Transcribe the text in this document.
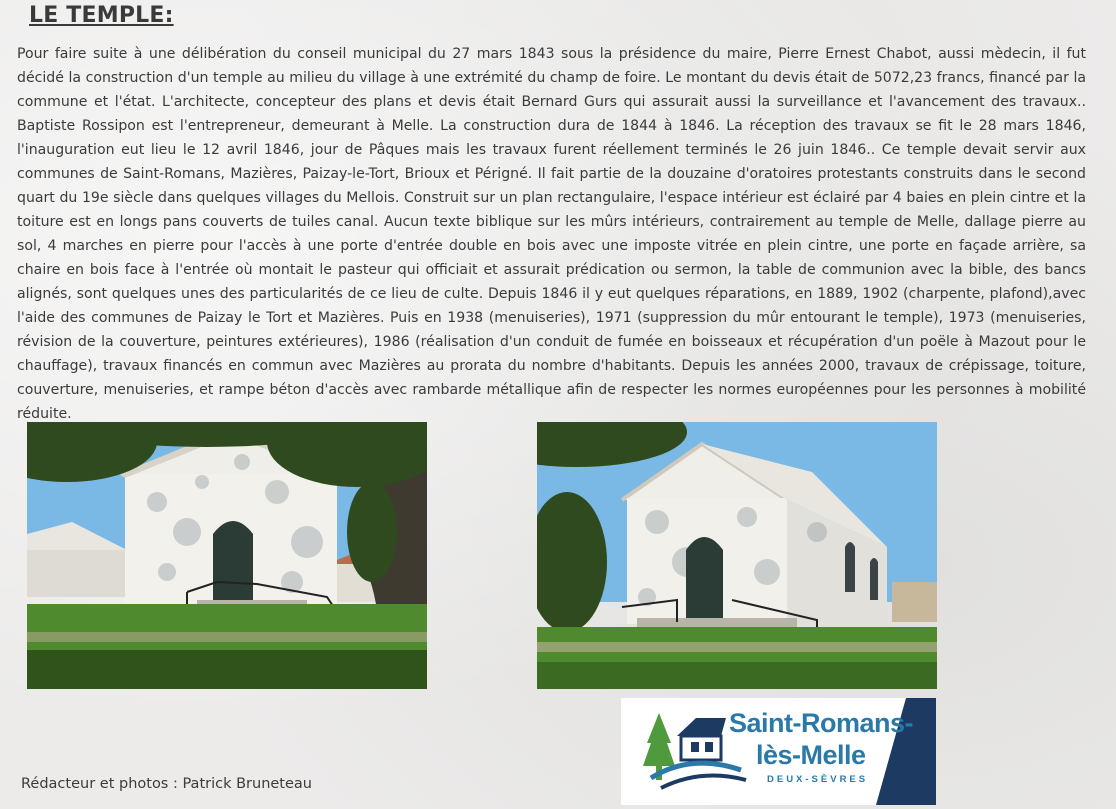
LE TEMPLE:

Pour faire suite à une délibération du conseil municipal du 27 mars 1843 sous la présidence du maire, Pierre Ernest Chabot, aussi mèdecin, il fut décidé la construction d'un temple au milieu du village à une extrémité du champ de foire. Le montant du devis était de 5072,23 francs, financé par la commune et l'état. L'architecte, concepteur des plans et devis était Bernard Gurs qui assurait aussi la surveillance et l'avancement des travaux.. Baptiste Rossipon est l'entrepreneur, demeurant à Melle. La construction dura de 1844 à 1846. La réception des travaux se fit le 28 mars 1846, l'inauguration eut lieu le 12 avril 1846, jour de Pâques mais les travaux furent réellement terminés le 26 juin 1846.. Ce temple devait servir aux communes de Saint-Romans, Mazières, Paizay-le-Tort, Brioux et Périgné. Il fait partie de la douzaine d'oratoires protestants construits dans le second quart du 19e siècle dans quelques villages du Mellois. Construit sur un plan rectangulaire, l'espace intérieur est éclairé par 4 baies en plein cintre et la toiture est en longs pans couverts de tuiles canal. Aucun texte biblique sur les mûrs intérieurs, contrairement au temple de Melle, dallage pierre au sol, 4 marches en pierre pour l'accès à une porte d'entrée double en bois avec une imposte vitrée en plein cintre, une porte en façade arrière, sa chaire en bois face à l'entrée où montait le pasteur qui officiait et assurait prédication ou sermon, la table de communion avec la bible, des bancs alignés, sont quelques unes des particularités de ce lieu de culte. Depuis 1846 il y eut quelques réparations, en 1889, 1902 (charpente, plafond),avec l'aide des communes de Paizay le Tort et Mazières. Puis en 1938 (menuiseries), 1971 (suppression du mûr entourant le temple), 1973 (menuiseries, révision de la couverture, peintures extérieures), 1986 (réalisation d'un conduit de fumée en boisseaux et récupération d'un poële à Mazout pour le chauffage), travaux financés en commun avec Mazières au prorata du nombre d'habitants. Depuis les années 2000, travaux de crépissage, toiture, couverture, menuiseries, et rampe béton d'accès avec rambarde métallique afin de respecter les normes européennes pour les personnes à mobilité réduite.

Rédacteur et photos : Patrick Bruneteau
Saint-Romans-
lès-Melle
DEUX-SÈVRES
